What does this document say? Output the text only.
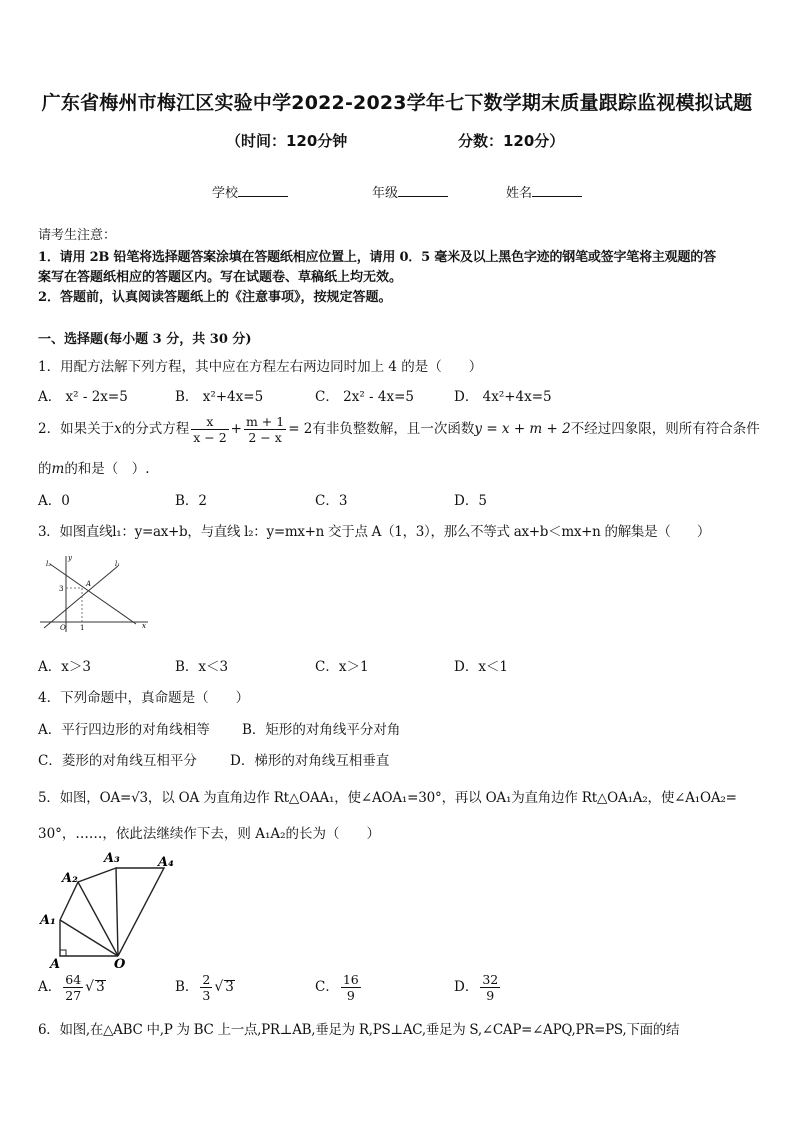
广东省梅州市梅江区实验中学2022-2023学年七下数学期末质量跟踪监视模拟试题
（时间：120分钟	分数：120分）
学校	年级	姓名
请考生注意：
1．请用 2B 铅笔将选择题答案涂填在答题纸相应位置上，请用 0．5 毫米及以上黑色字迹的钢笔或签字笔将主观题的答
案写在答题纸相应的答题区内。写在试题卷、草稿纸上均无效。
2．答题前，认真阅读答题纸上的《注意事项》，按规定答题。
一、选择题(每小题 3 分，共 30 分)
1．用配方法解下列方程，其中应在方程左右两边同时加上 4 的是（　　）
A． x² - 2x=5	B． x²+4x=5	C． 2x² - 4x=5	D． 4x²+4x=5
2．如果关于x的分式方程 $\frac{x}{x - 2} + \frac{m + 1}{2 - x} = 2$有非负整数解，且一次函数y = x + m + 2不经过四象限，则所有符合条件
的m的和是（　）.
A．0	B．2	C．3	D．5
3．如图直线l₁：y=ax+b，与直线 l₂：y=mx+n 交于点 A（1，3），那么不等式 ax+b＜mx+n 的解集是（　　）
l₂	l₁
y
x
O
3
1
A
A．x＞3	B．x＜3	C．x＞1	D．x＜1
4．下列命题中，真命题是（　　）
A．平行四边形的对角线相等 B．矩形的对角线平分对角
C．菱形的对角线互相平分 D．梯形的对角线互相垂直
5．如图，OA=√3，以 OA 为直角边作 Rt△OAA₁，使∠AOA₁=30°，再以 OA₁为直角边作 Rt△OA₁A₂，使∠A₁OA₂=
30°，……，依此法继续作下去，则 A₁A₂的长为（　　）
A
A₁
A₂
A₃	A₄
O
A． $\frac{64}{27}$ √ 3	B． $\frac{2}{3}$ √ 3	C． $\frac{16}{9}$	D． $\frac{32}{9}$
6．如图,在△ABC 中,P 为 BC 上一点,PR⊥AB,垂足为 R,PS⊥AC,垂足为 S,∠CAP=∠APQ,PR=PS,下面的结
